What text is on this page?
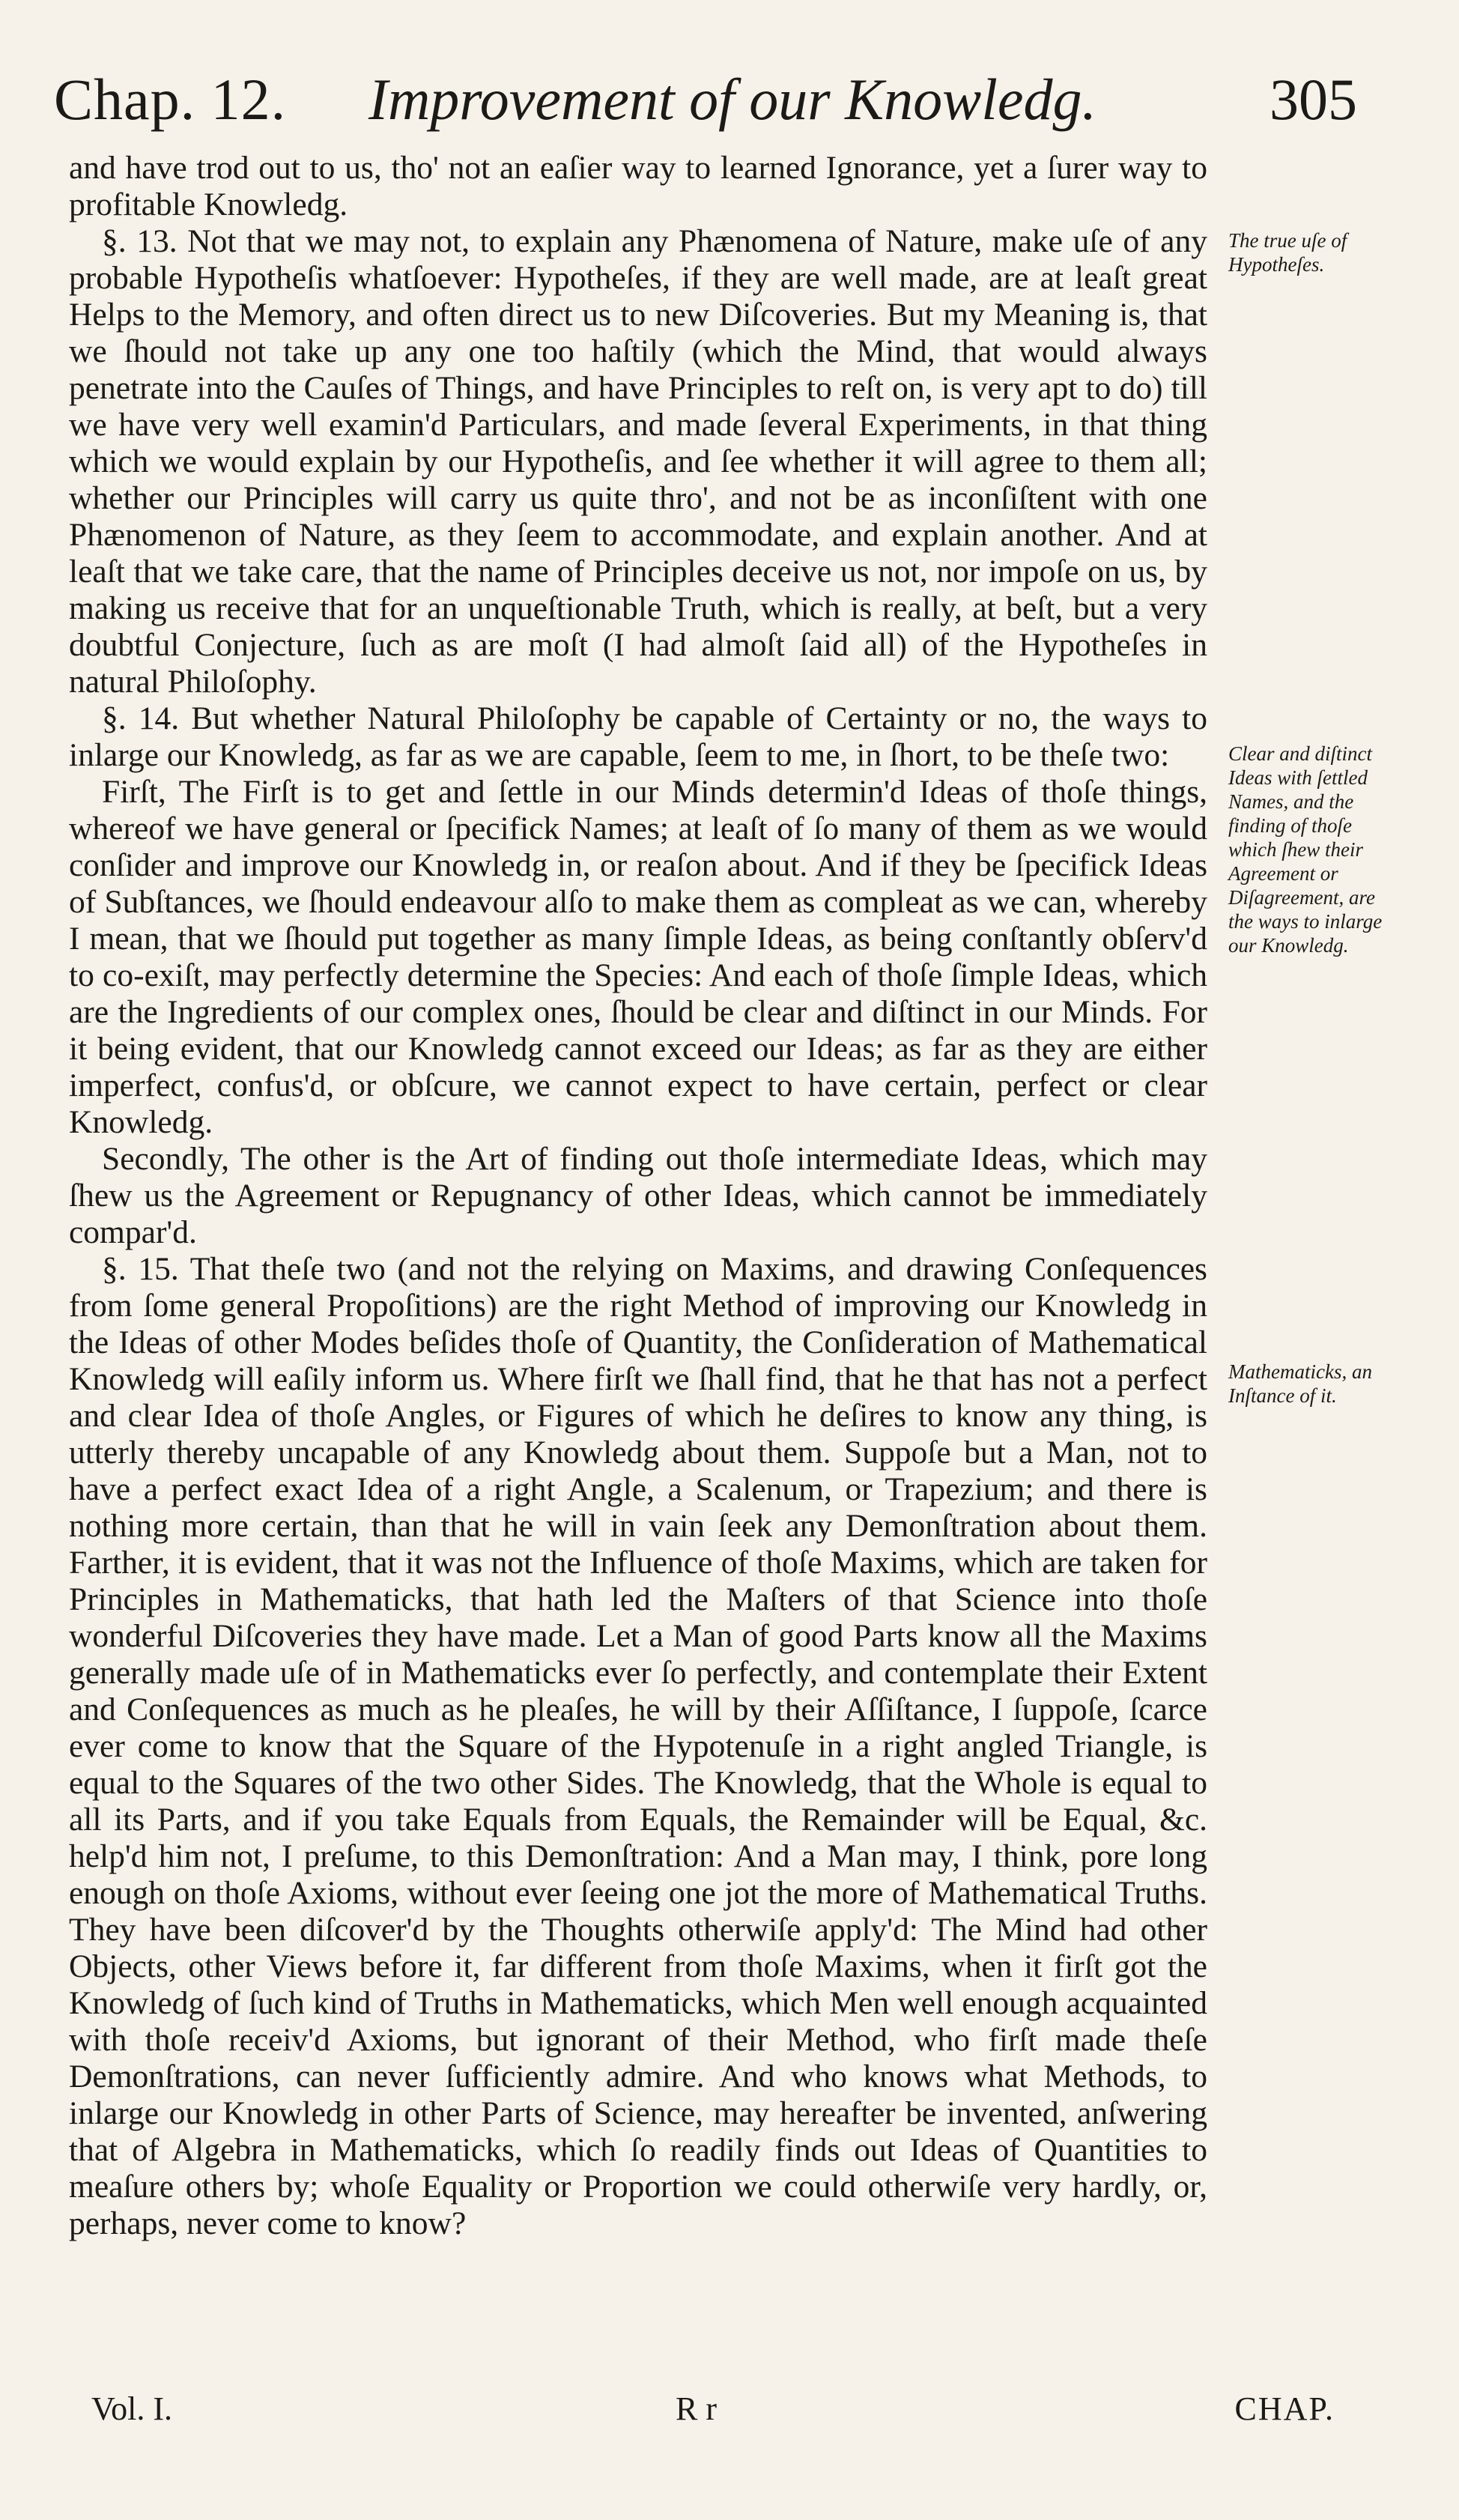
Chap. 12. Improvement of our Knowledg.	305

and have trod out to us, tho' not an eaſier way to learned Ignorance, yet a ſurer way to profitable Knowledg.

§. 13. Not that we may not, to explain any Phænomena of Nature, make uſe of any probable Hypotheſis whatſoever: Hypotheſes, if they are well made, are at leaſt great Helps to the Memory, and often direct us to new Diſcoveries. But my Meaning is, that we ſhould not take up any one too haſtily (which the Mind, that would always penetrate into the Cauſes of Things, and have Principles to reſt on, is very apt to do) till we have very well examin'd Particulars, and made ſeveral Experiments, in that thing which we would explain by our Hypotheſis, and ſee whether it will agree to them all; whether our Principles will carry us quite thro', and not be as inconſiſtent with one Phænomenon of Nature, as they ſeem to accommodate, and explain another. And at leaſt that we take care, that the name of Principles deceive us not, nor impoſe on us, by making us receive that for an unqueſtionable Truth, which is really, at beſt, but a very doubtful Conjecture, ſuch as are moſt (I had almoſt ſaid all) of the Hypotheſes in natural Philoſophy.

§. 14. But whether Natural Philoſophy be capable of Certainty or no, the ways to inlarge our Knowledg, as far as we are capable, ſeem to me, in ſhort, to be theſe two:

Firſt, The Firſt is to get and ſettle in our Minds determin'd Ideas of thoſe things, whereof we have general or ſpecifick Names; at leaſt of ſo many of them as we would conſider and improve our Knowledg in, or reaſon about. And if they be ſpecifick Ideas of Subſtances, we ſhould endeavour alſo to make them as compleat as we can, whereby I mean, that we ſhould put together as many ſimple Ideas, as being conſtantly obſerv'd to co-exiſt, may perfectly determine the Species: And each of thoſe ſimple Ideas, which are the Ingredients of our complex ones, ſhould be clear and diſtinct in our Minds. For it being evident, that our Knowledg cannot exceed our Ideas; as far as they are either imperfect, confus'd, or obſcure, we cannot expect to have certain, perfect or clear Knowledg.

Secondly, The other is the Art of finding out thoſe intermediate Ideas, which may ſhew us the Agreement or Repugnancy of other Ideas, which cannot be immediately compar'd.

§. 15. That theſe two (and not the relying on Maxims, and drawing Conſequences from ſome general Propoſitions) are the right Method of improving our Knowledg in the Ideas of other Modes beſides thoſe of Quantity, the Conſideration of Mathematical Knowledg will eaſily inform us. Where firſt we ſhall find, that he that has not a perfect and clear Idea of thoſe Angles, or Figures of which he deſires to know any thing, is utterly thereby uncapable of any Knowledg about them. Suppoſe but a Man, not to have a perfect exact Idea of a right Angle, a Scalenum, or Trapezium; and there is nothing more certain, than that he will in vain ſeek any Demonſtration about them. Farther, it is evident, that it was not the Influence of thoſe Maxims, which are taken for Principles in Mathematicks, that hath led the Maſters of that Science into thoſe wonderful Diſcoveries they have made. Let a Man of good Parts know all the Maxims generally made uſe of in Mathematicks ever ſo perfectly, and contemplate their Extent and Conſequences as much as he pleaſes, he will by their Aſſiſtance, I ſuppoſe, ſcarce ever come to know that the Square of the Hypotenuſe in a right angled Triangle, is equal to the Squares of the two other Sides. The Knowledg, that the Whole is equal to all its Parts, and if you take Equals from Equals, the Remainder will be Equal, &c. help'd him not, I preſume, to this Demonſtration: And a Man may, I think, pore long enough on thoſe Axioms, without ever ſeeing one jot the more of Mathematical Truths. They have been diſcover'd by the Thoughts otherwiſe apply'd: The Mind had other Objects, other Views before it, far different from thoſe Maxims, when it firſt got the Knowledg of ſuch kind of Truths in Mathematicks, which Men well enough acquainted with thoſe receiv'd Axioms, but ignorant of their Method, who firſt made theſe Demonſtrations, can never ſufficiently admire. And who knows what Methods, to inlarge our Knowledg in other Parts of Science, may hereafter be invented, anſwering that of Algebra in Mathematicks, which ſo readily finds out Ideas of Quantities to meaſure others by; whoſe Equality or Proportion we could otherwiſe very hardly, or, perhaps, never come to know?

The true uſe of Hypotheſes.
Clear and diſtinct Ideas with ſettled Names, and the finding of thoſe which ſhew their Agreement or Diſagreement, are the ways to inlarge our Knowledg.
Mathematicks, an Inſtance of it.
Vol. I.	R r	CHAP.
